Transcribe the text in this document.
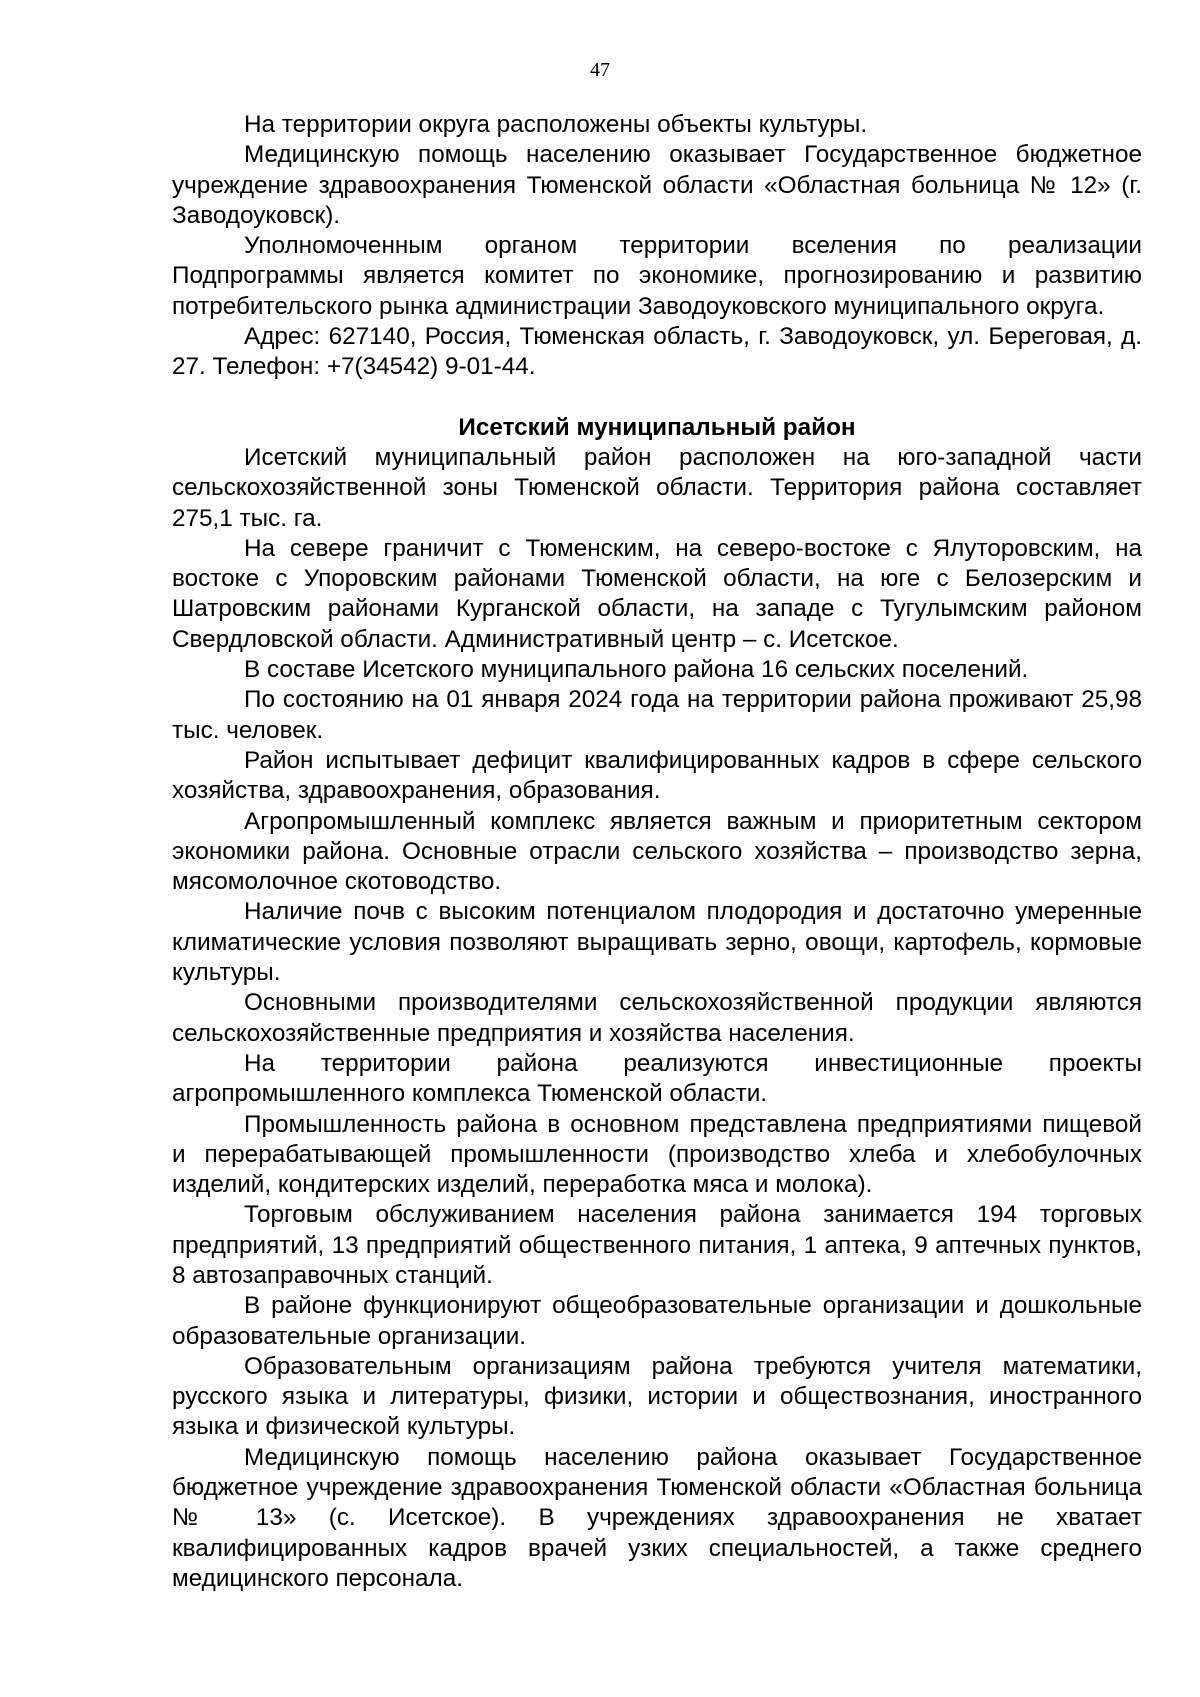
47

На территории округа расположены объекты культуры.

Медицинскую помощь населению оказывает Государственное бюджетное учреждение здравоохранения Тюменской области «Областная больница № 12» (г. Заводоуковск).

Уполномоченным органом территории вселения по реализации Подпрограммы является комитет по экономике, прогнозированию и развитию потребительского рынка администрации Заводоуковского муниципального округа.

Адрес: 627140, Россия, Тюменская область, г. Заводоуковск, ул. Береговая, д. 27. Телефон: +7(34542) 9-01-44.

Исетский муниципальный район

Исетский муниципальный район расположен на юго-западной части сельскохозяйственной зоны Тюменской области. Территория района составляет 275,1 тыс. га.

На севере граничит с Тюменским, на северо-востоке с Ялуторовским, на востоке с Упоровским районами Тюменской области, на юге с Белозерским и Шатровским районами Курганской области, на западе с Тугулымским районом Свердловской области. Административный центр – с. Исетское.

В составе Исетского муниципального района 16 сельских поселений.

По состоянию на 01 января 2024 года на территории района проживают 25,98 тыс. человек.

Район испытывает дефицит квалифицированных кадров в сфере сельского хозяйства, здравоохранения, образования.

Агропромышленный комплекс является важным и приоритетным сектором экономики района. Основные отрасли сельского хозяйства – производство зерна, мясомолочное скотоводство.

Наличие почв с высоким потенциалом плодородия и достаточно умеренные климатические условия позволяют выращивать зерно, овощи, картофель, кормовые культуры.

Основными производителями сельскохозяйственной продукции являются сельскохозяйственные предприятия и хозяйства населения.

На территории района реализуются инвестиционные проекты агропромышленного комплекса Тюменской области.

Промышленность района в основном представлена предприятиями пищевой и перерабатывающей промышленности (производство хлеба и хлебобулочных изделий, кондитерских изделий, переработка мяса и молока).

Торговым обслуживанием населения района занимается 194 торговых предприятий, 13 предприятий общественного питания, 1 аптека, 9 аптечных пунктов, 8 автозаправочных станций.

В районе функционируют общеобразовательные организации и дошкольные образовательные организации.

Образовательным организациям района требуются учителя математики, русского языка и литературы, физики, истории и обществознания, иностранного языка и физической культуры.

Медицинскую помощь населению района оказывает Государственное бюджетное учреждение здравоохранения Тюменской области «Областная больница № 13» (с. Исетское). В учреждениях здравоохранения не хватает квалифицированных кадров врачей узких специальностей, а также среднего медицинского персонала.
